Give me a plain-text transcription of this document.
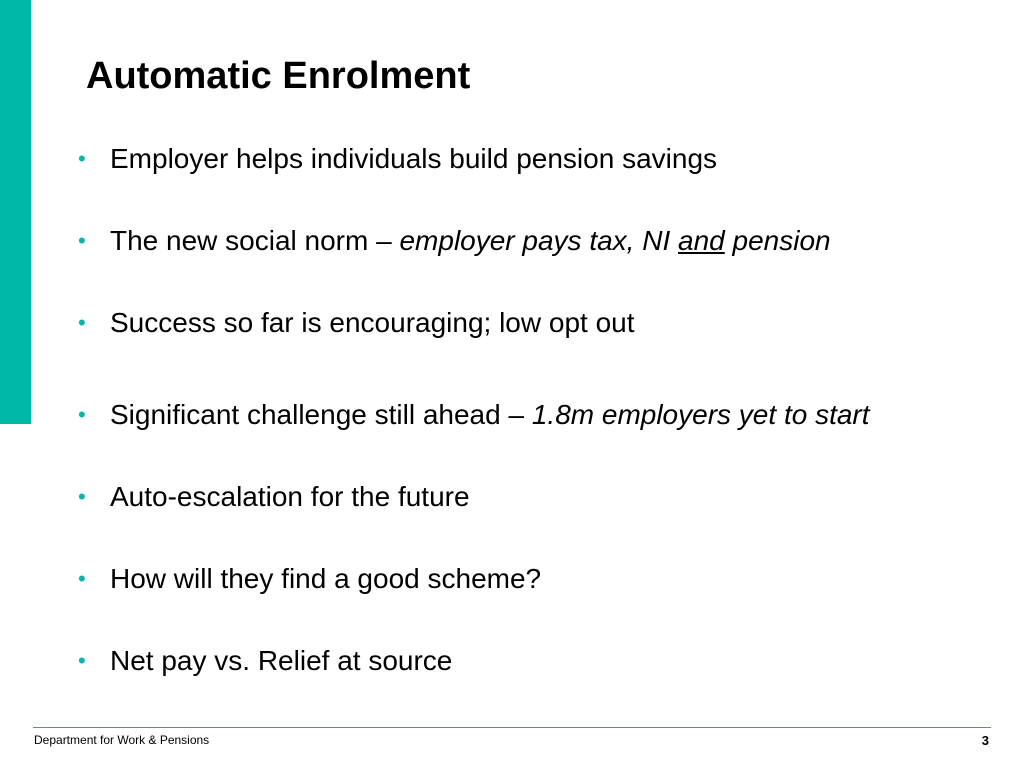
Automatic Enrolment
• Employer helps individuals build pension savings
• The new social norm – employer pays tax, NI and pension
• Success so far is encouraging; low opt out
• Significant challenge still ahead – 1.8m employers yet to start
• Auto-escalation for the future
• How will they find a good scheme?
• Net pay vs. Relief at source
Department for Work & Pensions	3
